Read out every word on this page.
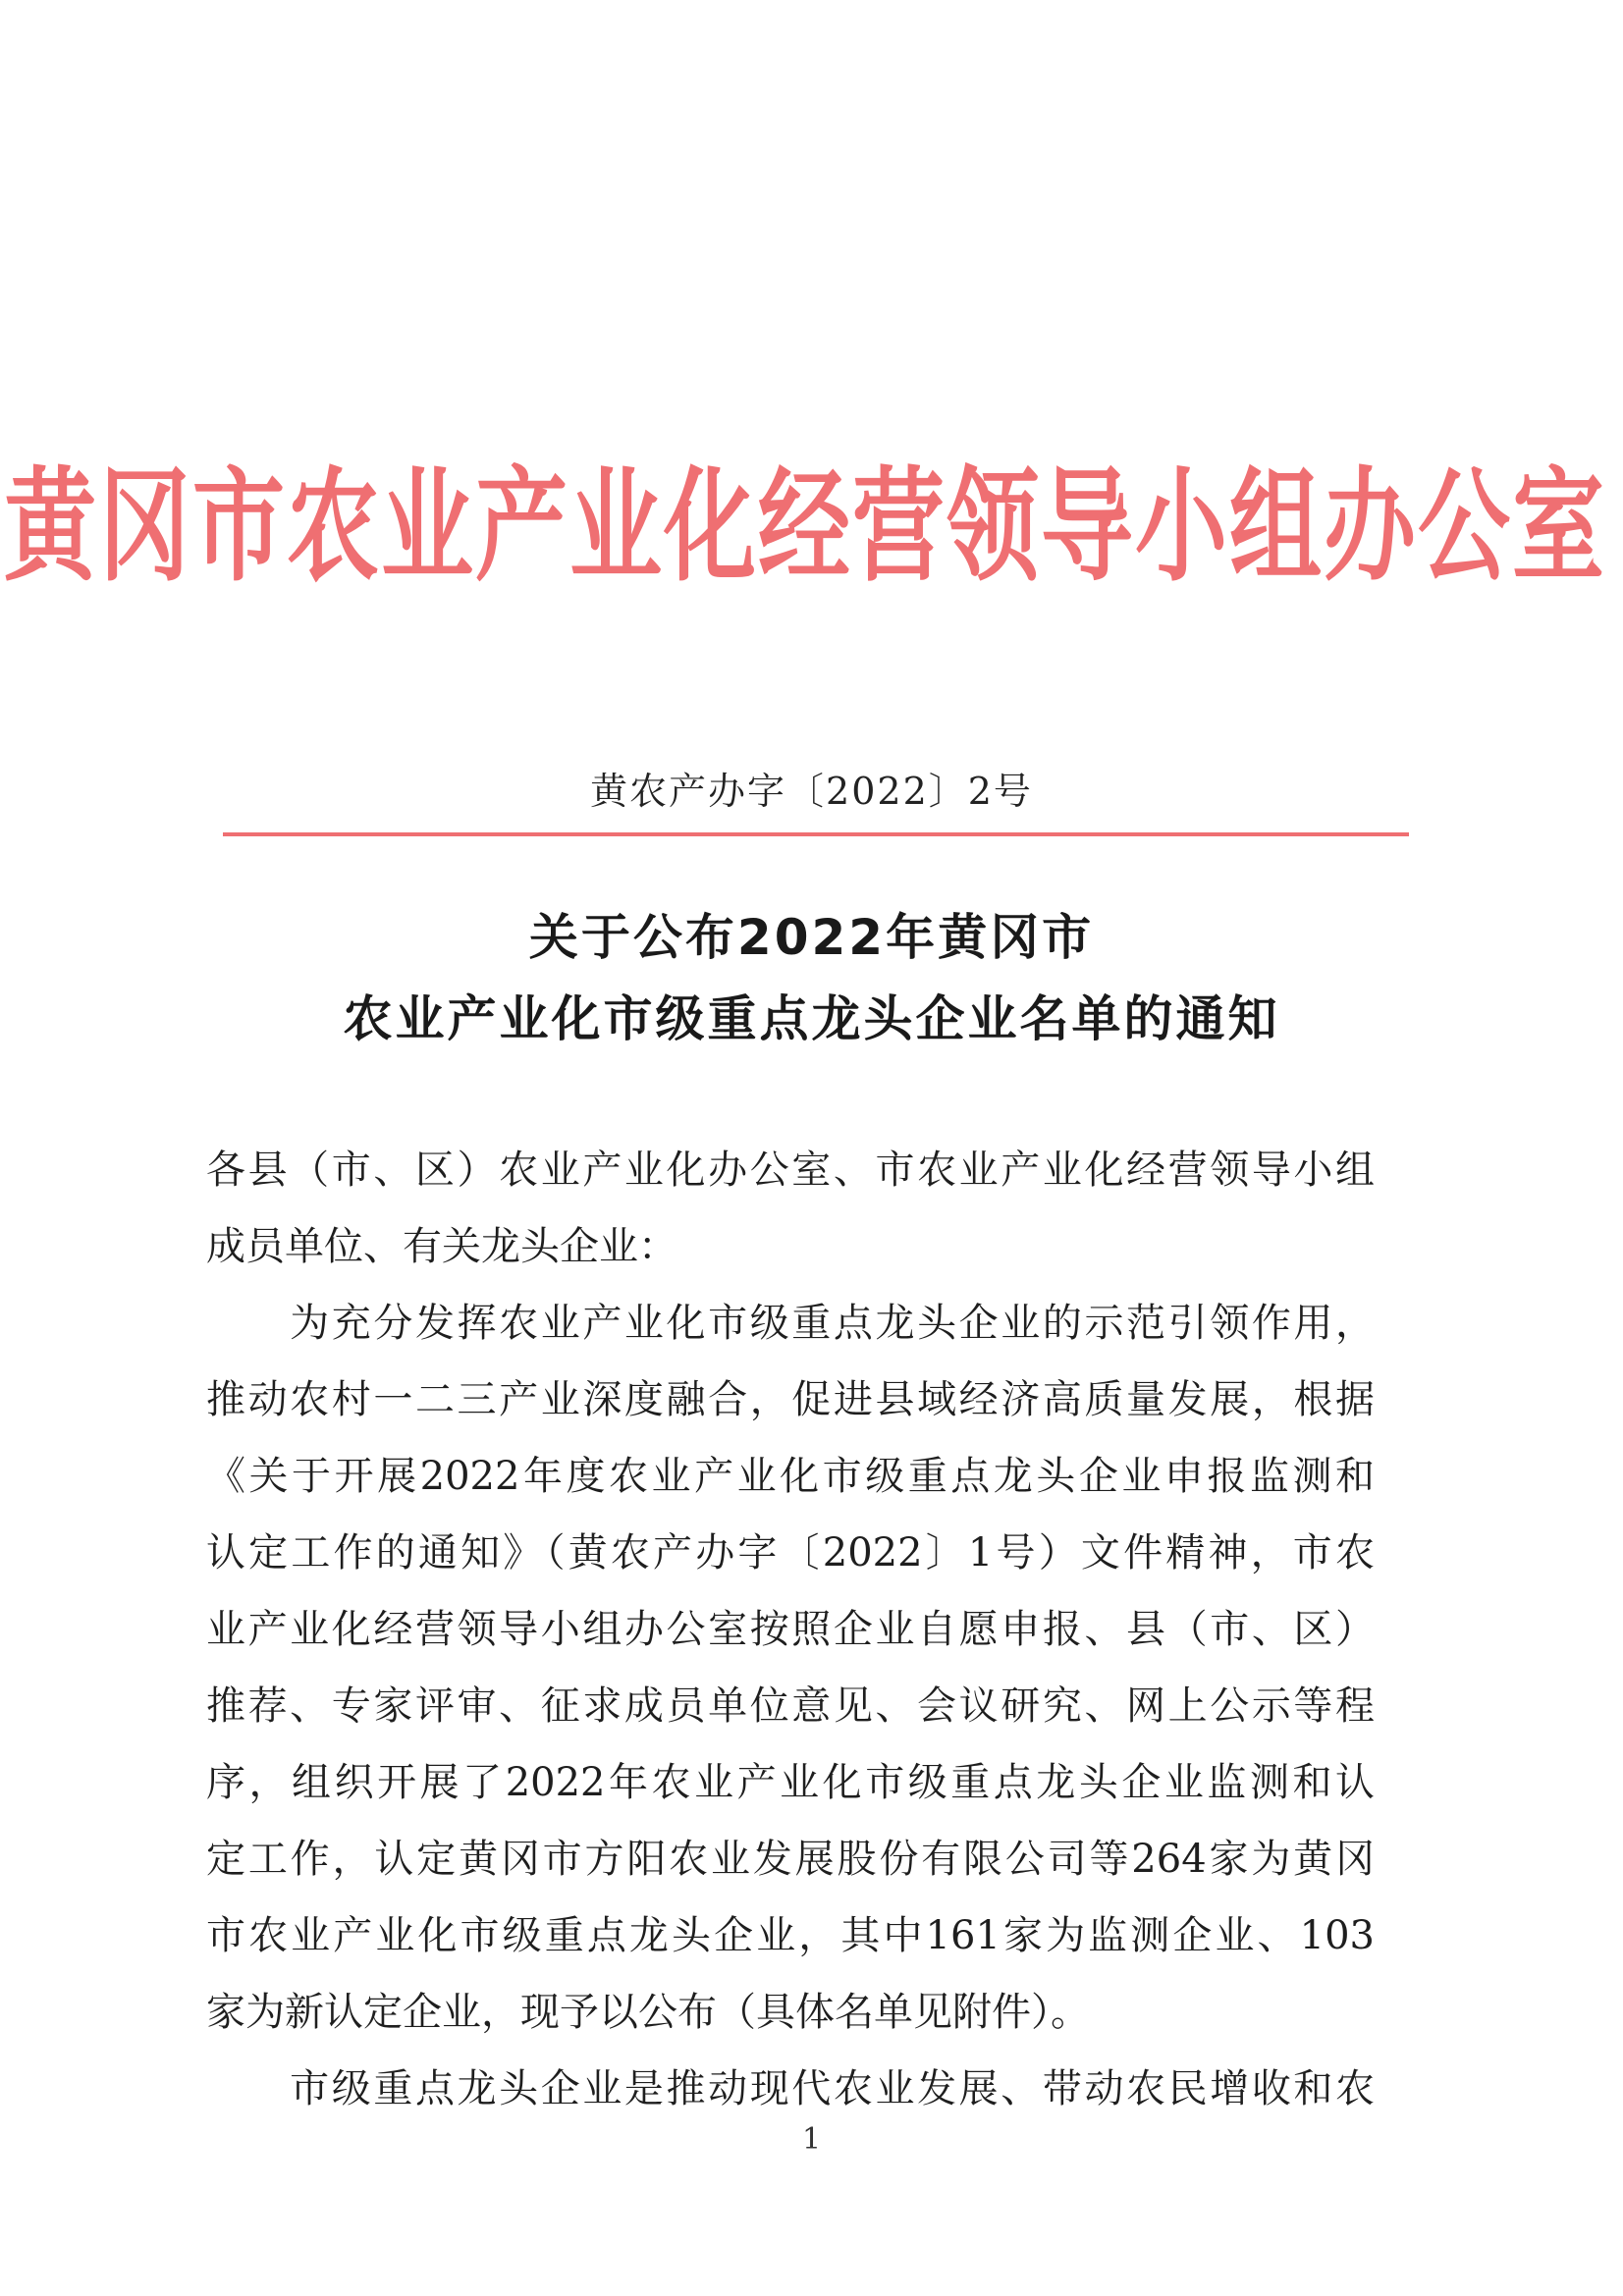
黄冈市农业产业化经营领导小组办公室
黄农产办字〔2022〕2号
关于公布2022年黄冈市
农业产业化市级重点龙头企业名单的通知
各县（市、区）农业产业化办公室、市农业产业化经营领导小组
成员单位、有关龙头企业：
　　为充分发挥农业产业化市级重点龙头企业的示范引领作用，
推动农村一二三产业深度融合，促进县域经济高质量发展，根据
《关于开展2022年度农业产业化市级重点龙头企业申报监测和
认定工作的通知》（黄农产办字〔2022〕1号）文件精神，市农
业产业化经营领导小组办公室按照企业自愿申报、县（市、区）
推荐、专家评审、征求成员单位意见、会议研究、网上公示等程
序，组织开展了2022年农业产业化市级重点龙头企业监测和认
定工作，认定黄冈市方阳农业发展股份有限公司等264家为黄冈
市农业产业化市级重点龙头企业，其中161家为监测企业、103
家为新认定企业，现予以公布（具体名单见附件）。
　　市级重点龙头企业是推动现代农业发展、带动农民增收和农
1
